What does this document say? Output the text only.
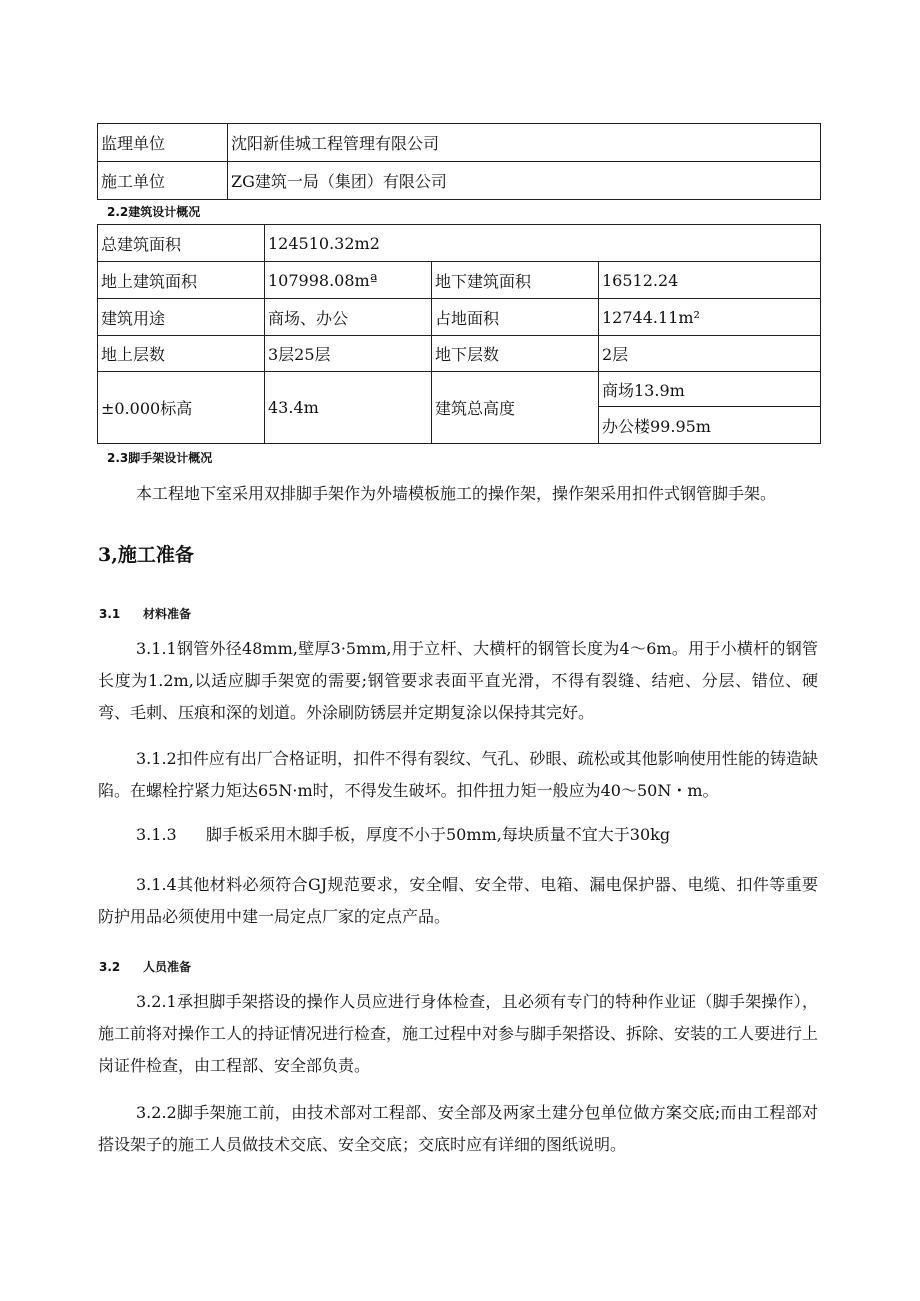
监理单位	沈阳新佳城工程管理有限公司
施工单位	ZG建筑一局（集团）有限公司
2.2建筑设计概况
总建筑面积	124510.32m2		
地上建筑面积	107998.08mª	地下建筑面积	16512.24
建筑用途	商场、办公	占地面积	12744.11m²
地上层数	3层25层	地下层数	2层
±0.000标高	43.4m	建筑总高度	商场13.9m
			办公楼99.95m
2.3脚手架设计概况
本工程地下室采用双排脚手架作为外墙模板施工的操作架，操作架采用扣件式钢管脚手架。
3,施工准备
3.1 材料准备
3.1.1钢管外径48mm,壁厚3·5mm,用于立杆、大横杆的钢管长度为4～6m。用于小横杆的钢管长度为1.2m,以适应脚手架宽的需要;钢管要求表面平直光滑，不得有裂缝、结疤、分层、错位、硬弯、毛刺、压痕和深的划道。外涂刷防锈层并定期复涂以保持其完好。
3.1.2扣件应有出厂合格证明，扣件不得有裂纹、气孔、砂眼、疏松或其他影响使用性能的铸造缺陷。在螺栓拧紧力矩达65N·m时，不得发生破坏。扣件扭力矩一般应为40～50N・m。
3.1.3 脚手板采用木脚手板，厚度不小于50mm,每块质量不宜大于30kg
3.1.4其他材料必须符合GJ规范要求，安全帽、安全带、电箱、漏电保护器、电缆、扣件等重要防护用品必须使用中建一局定点厂家的定点产品。
3.2 人员准备
3.2.1承担脚手架搭设的操作人员应进行身体检查，且必须有专门的特种作业证（脚手架操作），施工前将对操作工人的持证情况进行检查，施工过程中对参与脚手架搭设、拆除、安装的工人要进行上岗证件检查，由工程部、安全部负责。
3.2.2脚手架施工前，由技术部对工程部、安全部及两家土建分包单位做方案交底;而由工程部对搭设架子的施工人员做技术交底、安全交底；交底时应有详细的图纸说明。
